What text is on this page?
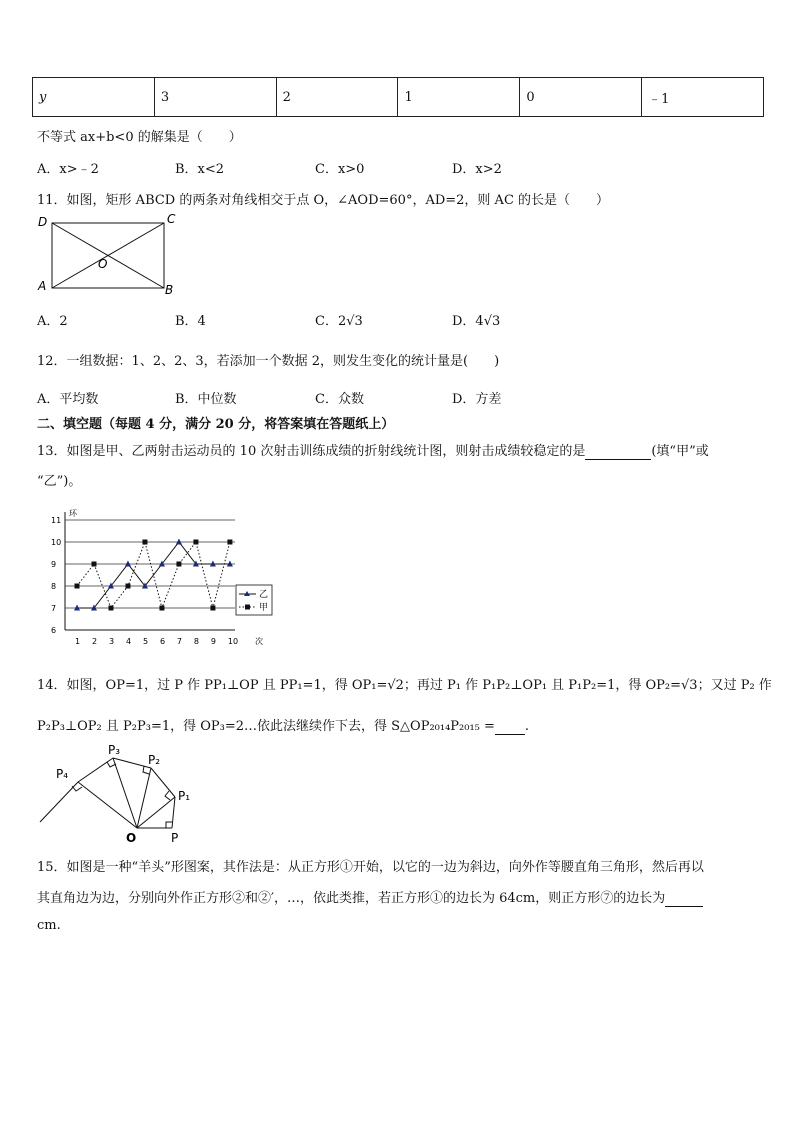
y	3	2	1	0	﹣1
不等式 ax+b<0 的解集是（　　）
A．x>﹣2	B．x<2	C．x>0	D．x>2
11．如图，矩形 ABCD 的两条对角线相交于点 O，∠AOD=60°，AD=2，则 AC 的长是（　　）
D	C
O
A	B
A．2	B．4	C．2√3	D．4√3
12．一组数据：1、2、2、3，若添加一个数据 2，则发生变化的统计量是(　　)
A．平均数	B．中位数	C．众数	D．方差
二、填空题（每题 4 分，满分 20 分，将答案填在答题纸上）
13．如图是甲、乙两射击运动员的 10 次射击训练成绩的折射线统计图，则射击成绩较稳定的是	(填“甲”或
“乙”)。
6
7
8
9
10
11
环
1 2 3 4 5 6 7 8 9 10 次
乙
甲
14．如图，OP=1，过 P 作 PP₁⊥OP 且 PP₁=1，得 OP₁=√2；再过 P₁ 作 P₁P₂⊥OP₁ 且 P₁P₂=1，得 OP₂=√3；又过 P₂ 作
P₂P₃⊥OP₂ 且 P₂P₃=1，得 OP₃=2…依此法继续作下去，得 S△OP₂₀₁₄P₂₀₁₅ = .
P₄
P₃
P₂
P₁
O	P
15．如图是一种“羊头”形图案，其作法是：从正方形①开始，以它的一边为斜边，向外作等腰直角三角形，然后再以
其直角边为边，分别向外作正方形②和②′，…，依此类推，若正方形①的边长为 64cm，则正方形⑦的边长为
cm.
